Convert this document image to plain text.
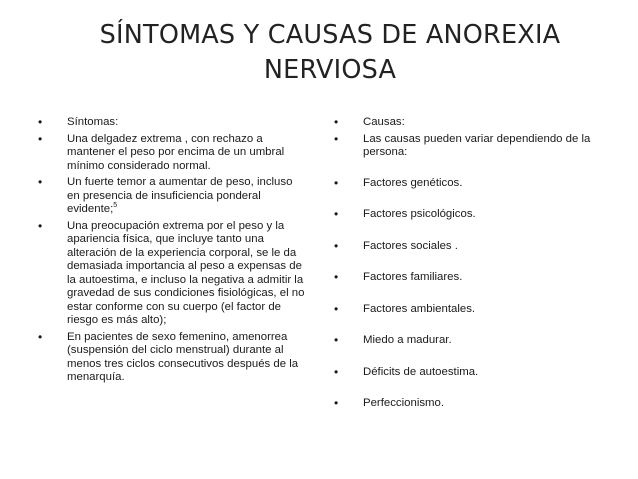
SÍNTOMAS Y CAUSAS DE ANOREXIA
NERVIOSA
• Síntomas:
• Una delgadez extrema , con rechazo a mantener el peso por encima de un umbral mínimo considerado normal.
• Un fuerte temor a aumentar de peso, incluso en presencia de insuficiencia ponderal evidente;$^5$
• Una preocupación extrema por el peso y la apariencia física, que incluye tanto una alteración de la experiencia corporal, se le da demasiada importancia al peso a expensas de la autoestima, e incluso la negativa a admitir la gravedad de sus condiciones fisiológicas, el no estar conforme con su cuerpo (el factor de riesgo es más alto);
• En pacientes de sexo femenino, amenorrea (suspensión del ciclo menstrual) durante al menos tres ciclos consecutivos después de la menarquía.
• Causas:
• Las causas pueden variar dependiendo de la persona:
• Factores genéticos.
• Factores psicológicos.
• Factores sociales .
• Factores familiares.
• Factores ambientales.
• Miedo a madurar.
• Déficits de autoestima.
• Perfeccionismo.
